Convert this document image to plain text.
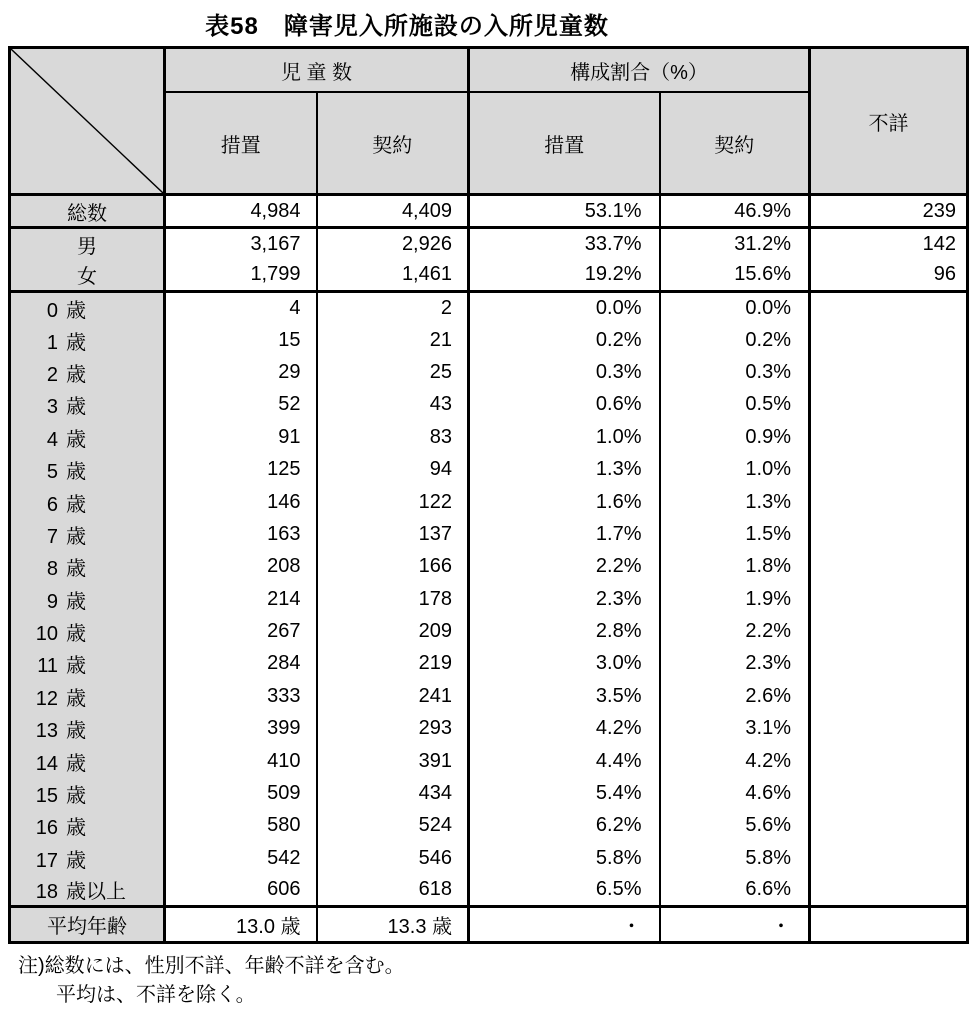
表58　障害児入所施設の入所児童数
	児 童 数		構成割合（%）		不詳
	措置	契約	措置	契約	
総数	4,984	4,409	53.1%	46.9%	239
男	3,167	2,926	33.7%	31.2%	142
女	1,799	1,461	19.2%	15.6%	96
0 歳	4	2	0.0%	0.0%	
1 歳	15	21	0.2%	0.2%	
2 歳	29	25	0.3%	0.3%	
3 歳	52	43	0.6%	0.5%	
4 歳	91	83	1.0%	0.9%	
5 歳	125	94	1.3%	1.0%	
6 歳	146	122	1.6%	1.3%	
7 歳	163	137	1.7%	1.5%	
8 歳	208	166	2.2%	1.8%	
9 歳	214	178	2.3%	1.9%	
10 歳	267	209	2.8%	2.2%	
11 歳	284	219	3.0%	2.3%	
12 歳	333	241	3.5%	2.6%	
13 歳	399	293	4.2%	3.1%	
14 歳	410	391	4.4%	4.2%	
15 歳	509	434	5.4%	4.6%	
16 歳	580	524	6.2%	5.6%	
17 歳	542	546	5.8%	5.8%	
18 歳以上	606	618	6.5%	6.6%	
平均年齢	13.0 歳	13.3 歳	・	・	
注)総数には、性別不詳、年齢不詳を含む。
平均は、不詳を除く。
